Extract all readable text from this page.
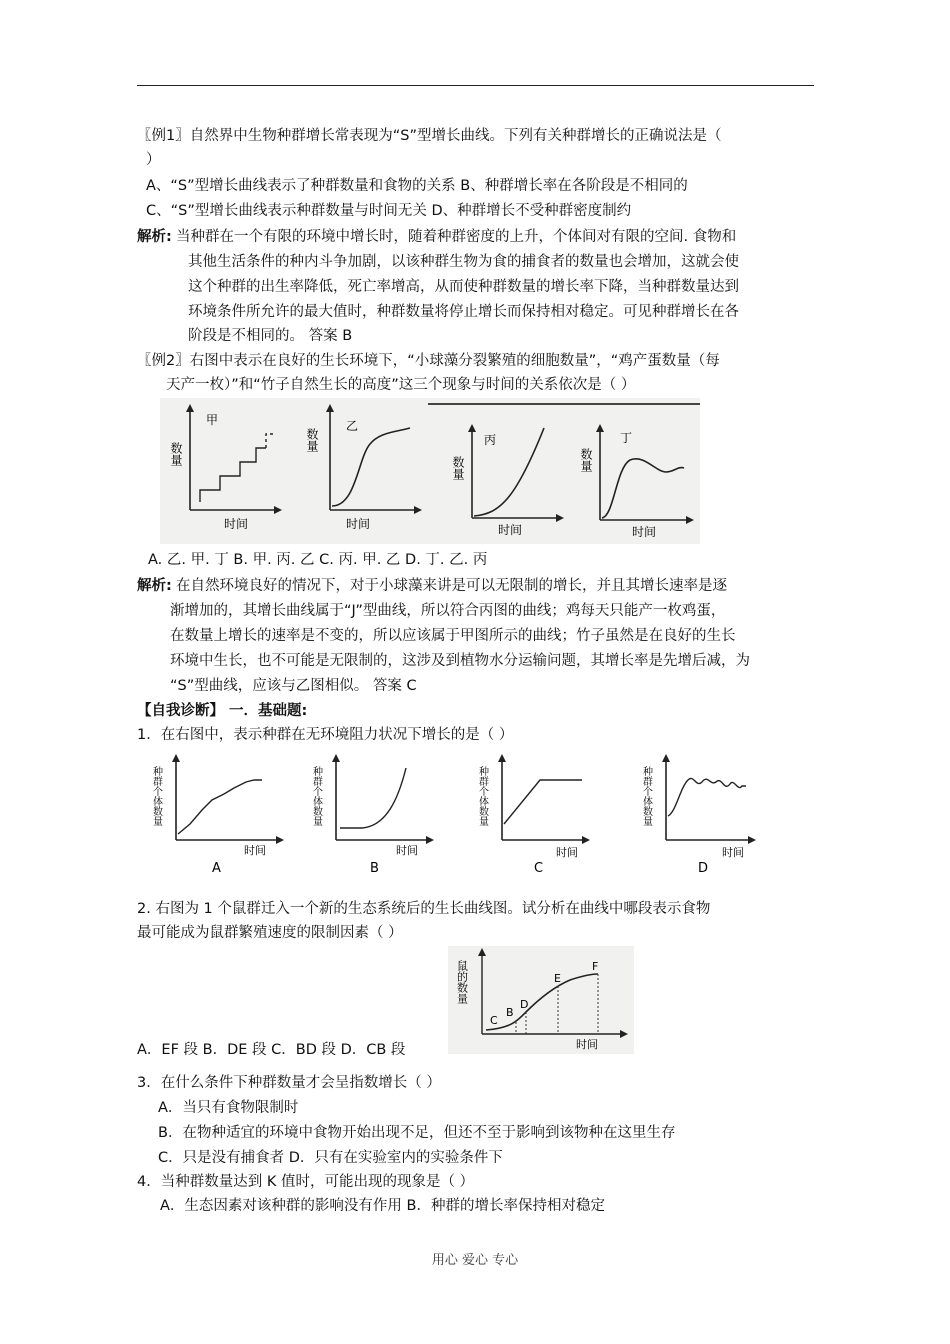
〖例1〗自然界中生物种群增长常表现为“S”型增长曲线。下列有关种群增长的正确说法是（
）
A、“S”型增长曲线表示了种群数量和食物的关系 B、种群增长率在各阶段是不相同的
C、“S”型增长曲线表示种群数量与时间无关 D、种群增长不受种群密度制约
解析: 当种群在一个有限的环境中增长时，随着种群密度的上升，个体间对有限的空间. 食物和
其他生活条件的种内斗争加剧，以该种群生物为食的捕食者的数量也会增加，这就会使
这个种群的出生率降低，死亡率增高，从而使种群数量的增长率下降，当种群数量达到
环境条件所允许的最大值时，种群数量将停止增长而保持相对稳定。可见种群增长在各
阶段是不相同的。 答案 B
〖例2〗右图中表示在良好的生长环境下，“小球藻分裂繁殖的细胞数量”，“鸡产蛋数量（每
天产一枚）”和“竹子自然生长的高度”这三个现象与时间的关系依次是（ ）
数量
甲
时间
数量
乙
时间
数量
丙
时间
数量
丁
时间
A. 乙. 甲. 丁 B. 甲. 丙. 乙 C. 丙. 甲. 乙 D. 丁. 乙. 丙
解析: 在自然环境良好的情况下，对于小球藻来讲是可以无限制的增长，并且其增长速率是逐
渐增加的，其增长曲线属于“J”型曲线，所以符合丙图的曲线；鸡每天只能产一枚鸡蛋，
在数量上增长的速率是不变的，所以应该属于甲图所示的曲线；竹子虽然是在良好的生长
环境中生长，也不可能是无限制的，这涉及到植物水分运输问题，其增长率是先增后减，为
“S”型曲线，应该与乙图相似。 答案 C
【自我诊断】 一．基础题:
1．在右图中，表示种群在无环境阻力状况下增长的是（ ）
种群个体数量
时间
A
种群个体数量
时间
B
种群个体数量
时间
C
种群个体数量
时间
D
2. 右图为 1 个鼠群迁入一个新的生态系统后的生长曲线图。试分析在曲线中哪段表示食物
最可能成为鼠群繁殖速度的限制因素（ ）
鼠的数量
C
B
D
E
F
时间
A．EF 段 B．DE 段 C．BD 段 D．CB 段
3．在什么条件下种群数量才会呈指数增长（ ）
A．当只有食物限制时
B．在物种适宜的环境中食物开始出现不足，但还不至于影响到该物种在这里生存
C．只是没有捕食者 D．只有在实验室内的实验条件下
4．当种群数量达到 K 值时，可能出现的现象是（ ）
A．生态因素对该种群的影响没有作用 B．种群的增长率保持相对稳定
用心 爱心 专心
